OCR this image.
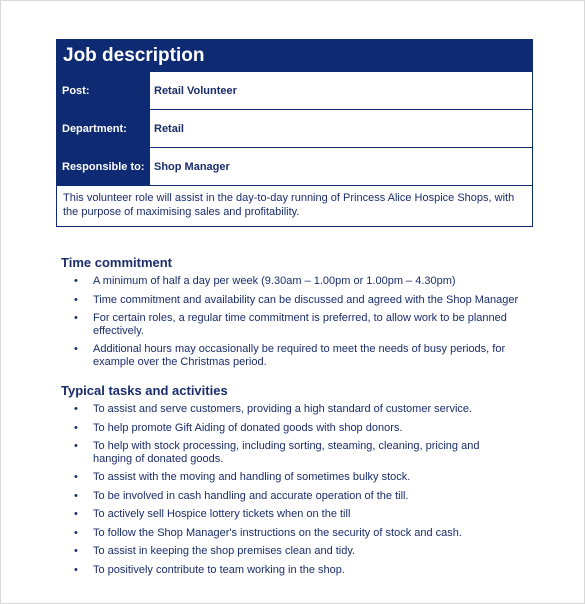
Job description
Post:	Retail Volunteer
Department:	Retail
Responsible to: Shop Manager
This volunteer role will assist in the day-to-day running of Princess Alice Hospice Shops, with the purpose of maximising sales and profitability.
Time commitment
• A minimum of half a day per week (9.30am – 1.00pm or 1.00pm – 4.30pm)
• Time commitment and availability can be discussed and agreed with the Shop Manager
• For certain roles, a regular time commitment is preferred, to allow work to be planned effectively.
• Additional hours may occasionally be required to meet the needs of busy periods, for example over the Christmas period.
Typical tasks and activities
• To assist and serve customers, providing a high standard of customer service.
• To help promote Gift Aiding of donated goods with shop donors.
• To help with stock processing, including sorting, steaming, cleaning, pricing and hanging of donated goods.
• To assist with the moving and handling of sometimes bulky stock.
• To be involved in cash handling and accurate operation of the till.
• To actively sell Hospice lottery tickets when on the till
• To follow the Shop Manager's instructions on the security of stock and cash.
• To assist in keeping the shop premises clean and tidy.
• To positively contribute to team working in the shop.
